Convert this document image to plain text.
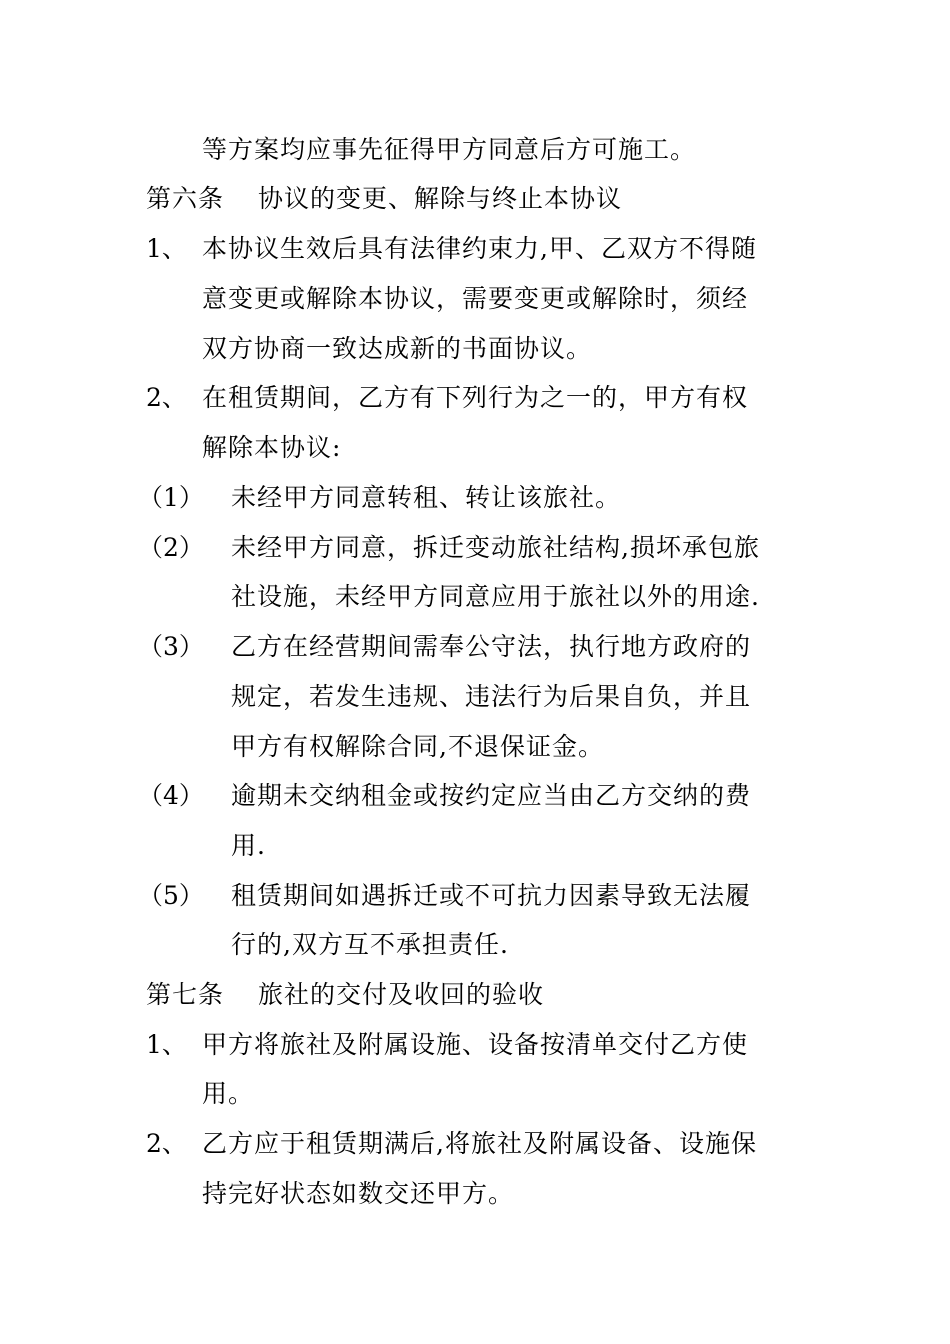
等方案均应事先征得甲方同意后方可施工。
第六条 协议的变更、解除与终止本协议
1、 本协议生效后具有法律约束力,甲、乙双方不得随
意变更或解除本协议，需要变更或解除时，须经
双方协商一致达成新的书面协议。
2、 在租赁期间，乙方有下列行为之一的，甲方有权
解除本协议:
（1） 未经甲方同意转租、转让该旅社。
（2） 未经甲方同意，拆迁变动旅社结构,损坏承包旅
社设施，未经甲方同意应用于旅社以外的用途.
（3） 乙方在经营期间需奉公守法，执行地方政府的
规定，若发生违规、违法行为后果自负，并且
甲方有权解除合同,不退保证金。
（4） 逾期未交纳租金或按约定应当由乙方交纳的费
用.
（5） 租赁期间如遇拆迁或不可抗力因素导致无法履
行的,双方互不承担责任.
第七条 旅社的交付及收回的验收
1、 甲方将旅社及附属设施、设备按清单交付乙方使
用。
2、 乙方应于租赁期满后,将旅社及附属设备、设施保
持完好状态如数交还甲方。
